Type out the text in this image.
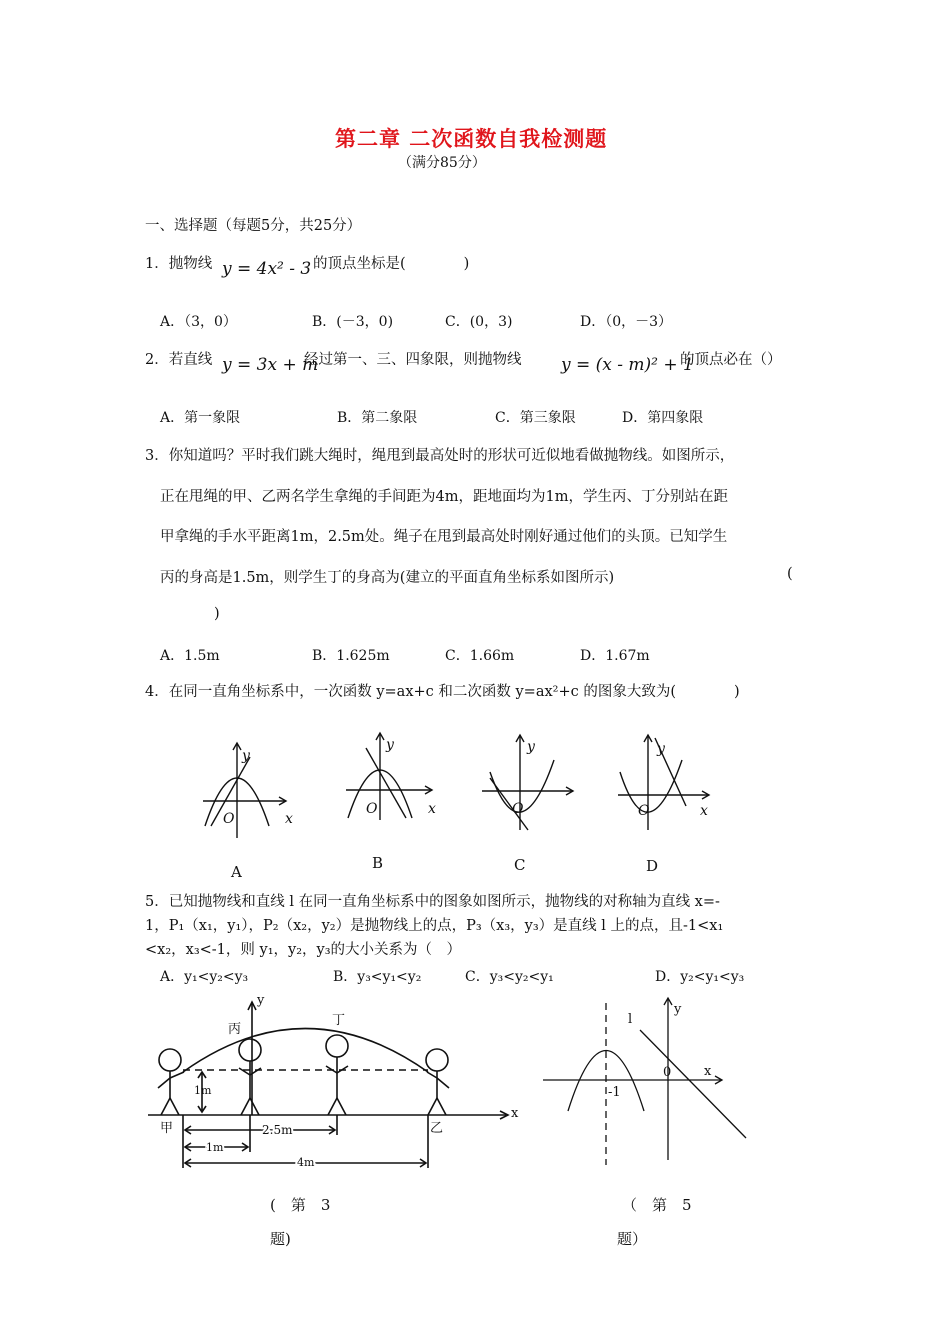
第二章 二次函数自我检测题
（满分85分）
一、选择题（每题5分，共25分）
1．抛物线 y = 4x² - 3 的顶点坐标是(　　　　)
A．（3，0）	B．(－3，0)	C．(0，3)	D．（0，－3）
2．若直线 y = 3x + m
经过第一、三、四象限，则抛物线 y = (x - m)² + 1
的顶点必在（）
A．第一象限	B．第二象限	C．第三象限	D．第四象限
3．你知道吗？平时我们跳大绳时，绳甩到最高处时的形状可近似地看做抛物线。如图所示，
正在甩绳的甲、乙两名学生拿绳的手间距为4m，距地面均为1m，学生丙、丁分别站在距
甲拿绳的手水平距离1m，2.5m处。绳子在甩到最高处时刚好通过他们的头顶。已知学生
丙的身高是1.5m，则学生丁的身高为(建立的平面直角坐标系如图所示)	(
)
A．1.5m	B．1.625m	C．1.66m	D．1.67m
4．在同一直角坐标系中，一次函数 y=ax+c 和二次函数 y=ax²+c 的图象大致为(　　　　)
y
x
O
y
x
O
y
O
y
x
O
A	B	C	D
5．已知抛物线和直线 l 在同一直角坐标系中的图象如图所示，抛物线的对称轴为直线 x=-
1，P₁（x₁，y₁），P₂（x₂，y₂）是抛物线上的点，P₃（x₃，y₃）是直线 l 上的点，且-1<x₁
<x₂，x₃<-1，则 y₁，y₂，y₃的大小关系为（　）
A．y₁<y₂<y₃	B．y₃<y₁<y₂	C．y₃<y₂<y₁	D．y₂<y₁<y₃
丙
丁
甲	乙
y
x
1m
2.5m
1m
4m
(　第　3
题)
l
y
x
0
-1
（　第　5
题）
